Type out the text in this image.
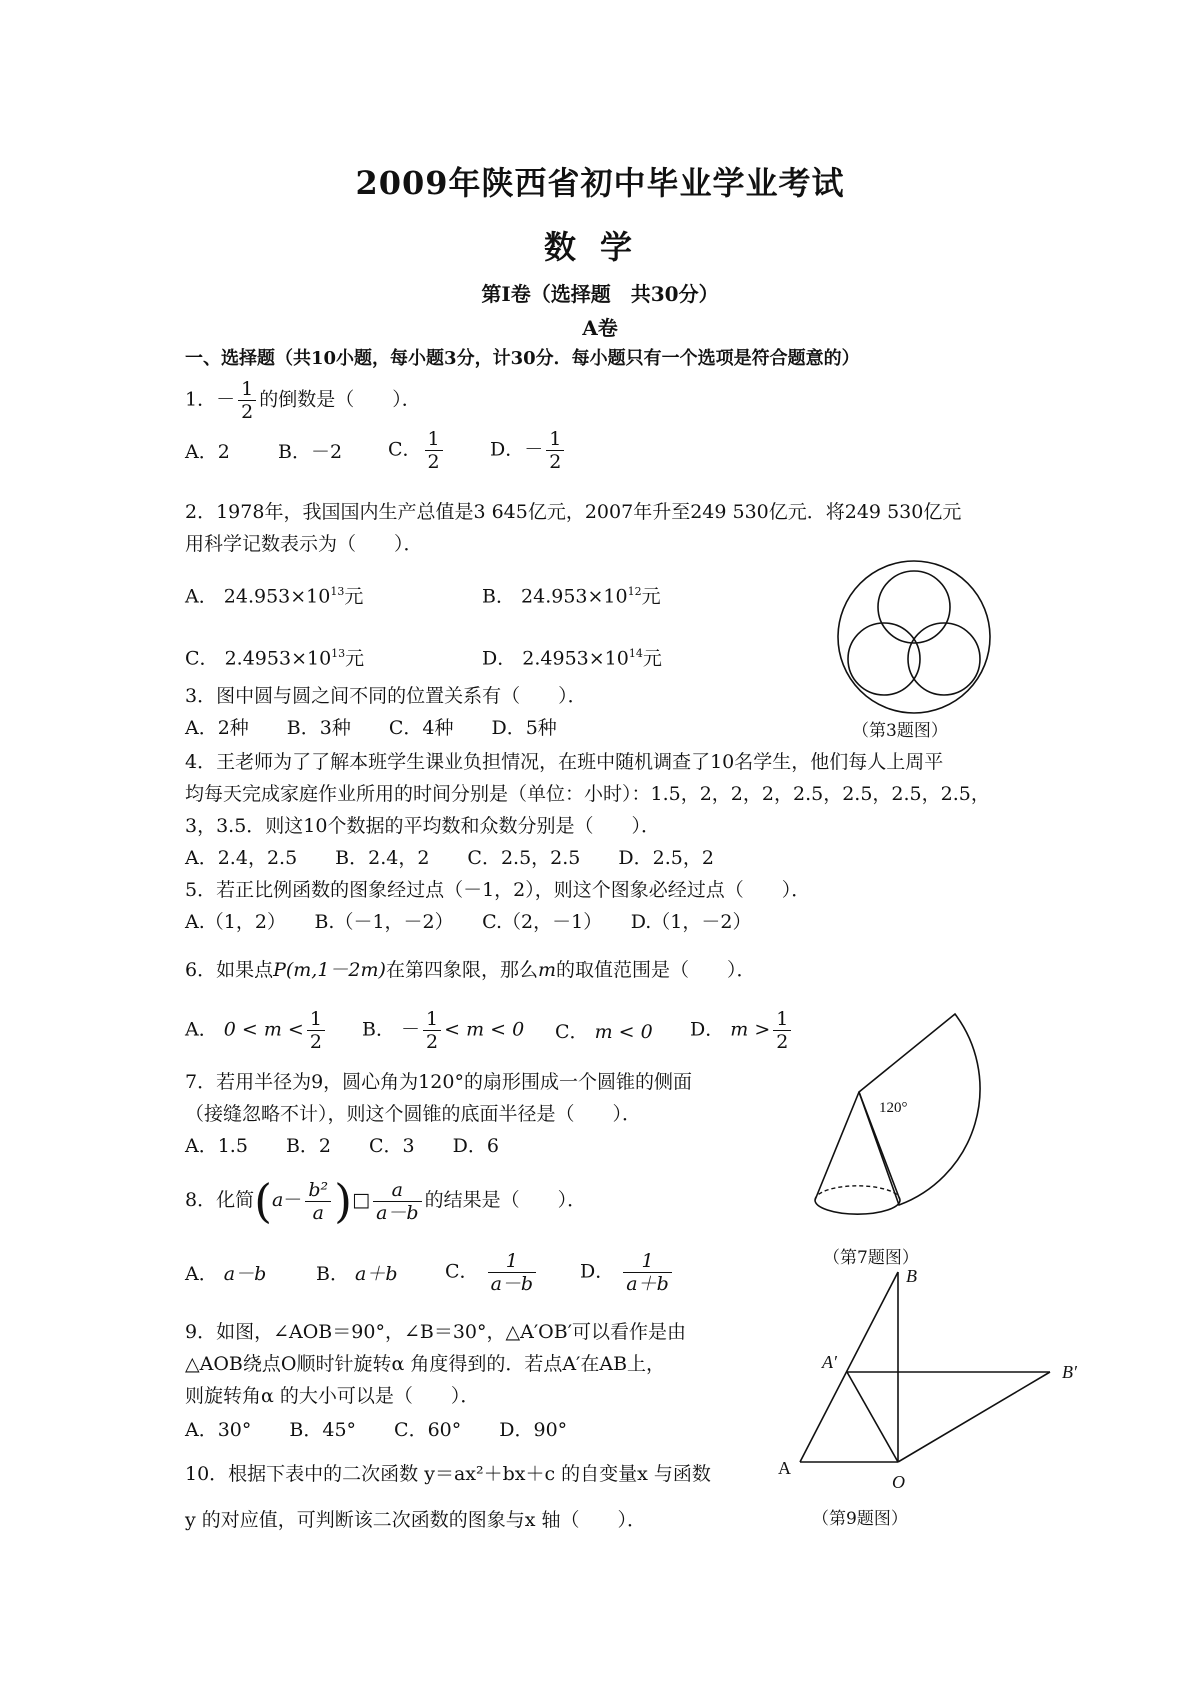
2009年陕西省初中毕业学业考试
数学
第Ⅰ卷（选择题　共30分）
A卷
一、选择题（共10小题，每小题3分，计30分．每小题只有一个选项是符合题意的）
1．－ $\frac{1}{2}$ 的倒数是（　　）．
A．2	B．－2 C． $\frac{1}{2}$ D．－ $\frac{1}{2}$
2．1978年，我国国内生产总值是3 645亿元，2007年升至249 530亿元．将249 530亿元
用科学记数表示为（　　）．
A． $24.953\times 10^{13}$元	B． $24.953\times 10^{12}$元
C． $2.4953\times 10^{13}$元	D． $2.4953\times 10^{14}$元
（第3题图）
3．图中圆与圆之间不同的位置关系有（　　）．
A．2种　　B．3种　　C．4种　　D．5种
4．王老师为了了解本班学生课业负担情况，在班中随机调查了10名学生，他们每人上周平
均每天完成家庭作业所用的时间分别是（单位：小时）：1.5，2，2，2，2.5，2.5，2.5，2.5，
3，3.5．则这10个数据的平均数和众数分别是（　　）．
A．2.4，2.5　　B．2.4，2　　C．2.5，2.5　　D．2.5，2
5．若正比例函数的图象经过点（－1，2），则这个图象必经过点（　　）．
A.（1，2）　　B.（－1，－2）　　C.（2，－1）　　D.（1，－2）
6．如果点P(m,1－2m)在第四象限，那么m的取值范围是（　　）．
A． $0 < m < \frac{1}{2}$ B． － $\frac{1}{2} < m < 0$ C． m < 0 D． $m > \frac{1}{2}$
7．若用半径为9，圆心角为120°的扇形围成一个圆锥的侧面
（接缝忽略不计），则这个圆锥的底面半径是（　　）．
A．1.5　　B．2　　C．3　　D．6
120°
（第7题图）
8．化简($a- \frac{\text{b²}}{a}$ )□ $\frac{a}{a-b}$ 的结果是（　　）．
A． a－b	B． a＋b C． $\frac{1}{a-b}$ D． $\frac{1}{a+b}$
9．如图，∠AOB＝90°，∠B＝30°，△A′OB′可以看作是由
△AOB绕点O顺时针旋转α 角度得到的．若点A′在AB上，
则旋转角α 的大小可以是（　　）．
A．30°　　B．45°　　C．60°　　D．90°
B
A′	B′
A
O
（第9题图）
10．根据下表中的二次函数 y＝ax²＋bx＋c 的自变量x 与函数
y 的对应值，可判断该二次函数的图象与x 轴（　　）．
